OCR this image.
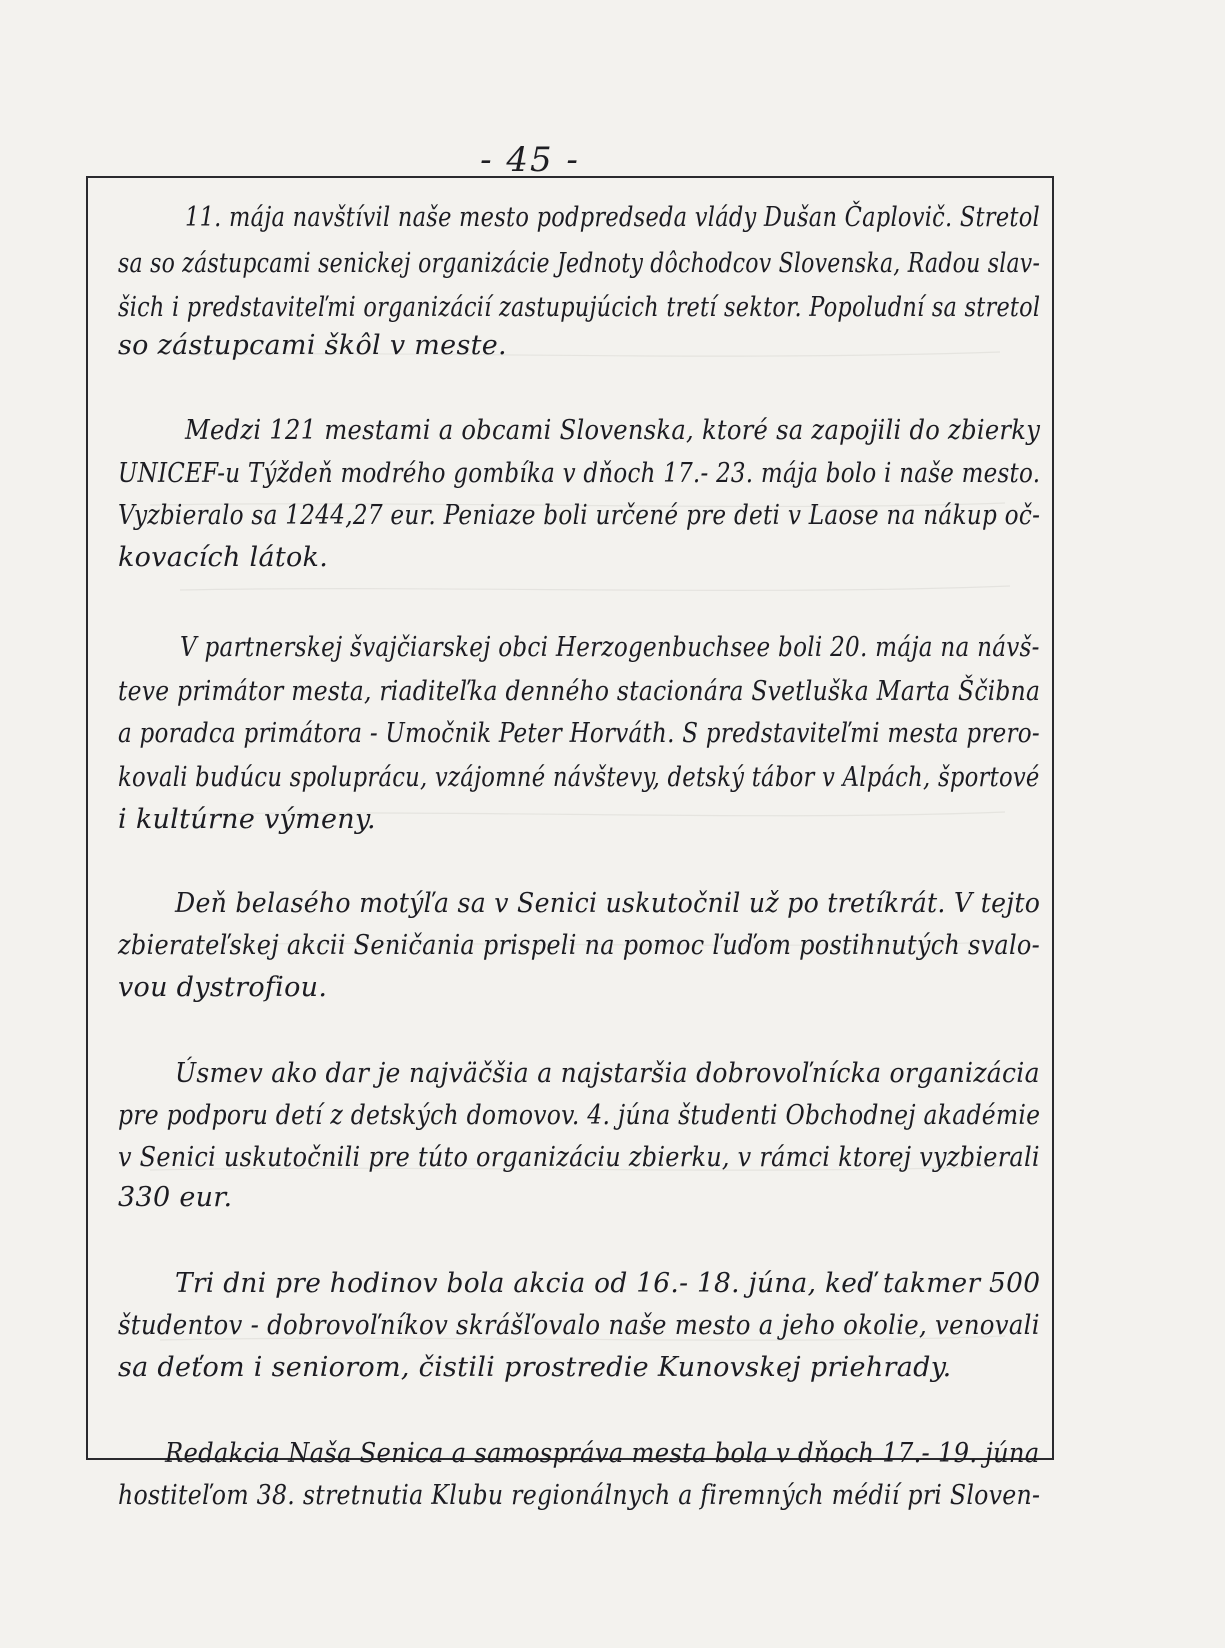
- 45 -
11. mája navštívil naše mesto podpredseda vlády Dušan Čaplovič. Stretol
sa so zástupcami senickej organizácie Jednoty dôchodcov Slovenska, Radou slav-
šich i predstaviteľmi organizácií zastupujúcich tretí sektor. Popoludní sa stretol
so zástupcami škôl v meste.
Medzi 121 mestami a obcami Slovenska, ktoré sa zapojili do zbierky
UNICEF-u Týždeň modrého gombíka v dňoch 17.- 23. mája bolo i naše mesto.
Vyzbieralo sa 1244,27 eur. Peniaze boli určené pre deti v Laose na nákup oč-
kovacích látok.
V partnerskej švajčiarskej obci Herzogenbuchsee boli 20. mája na návš-
teve primátor mesta, riaditeľka denného stacionára Svetluška Marta Ščibna
a poradca primátora - Umočnik Peter Horváth. S predstaviteľmi mesta prero-
kovali budúcu spoluprácu, vzájomné návštevy, detský tábor v Alpách, športové
i kultúrne výmeny.
Deň belasého motýľa sa v Senici uskutočnil už po tretíkrát. V tejto
zbierateľskej akcii Seničania prispeli na pomoc ľuďom postihnutých svalo-
vou dystrofiou.
Úsmev ako dar je najväčšia a najstaršia dobrovoľnícka organizácia
pre podporu detí z detských domovov. 4. júna študenti Obchodnej akadémie
v Senici uskutočnili pre túto organizáciu zbierku, v rámci ktorej vyzbierali
330 eur.
Tri dni pre hodinov bola akcia od 16.- 18. júna, keď takmer 500
študentov - dobrovoľníkov skrášľovalo naše mesto a jeho okolie, venovali
sa deťom i seniorom, čistili prostredie Kunovskej priehrady.
Redakcia Naša Senica a samospráva mesta bola v dňoch 17.- 19. júna
hostiteľom 38. stretnutia Klubu regionálnych a firemných médií pri Sloven-
